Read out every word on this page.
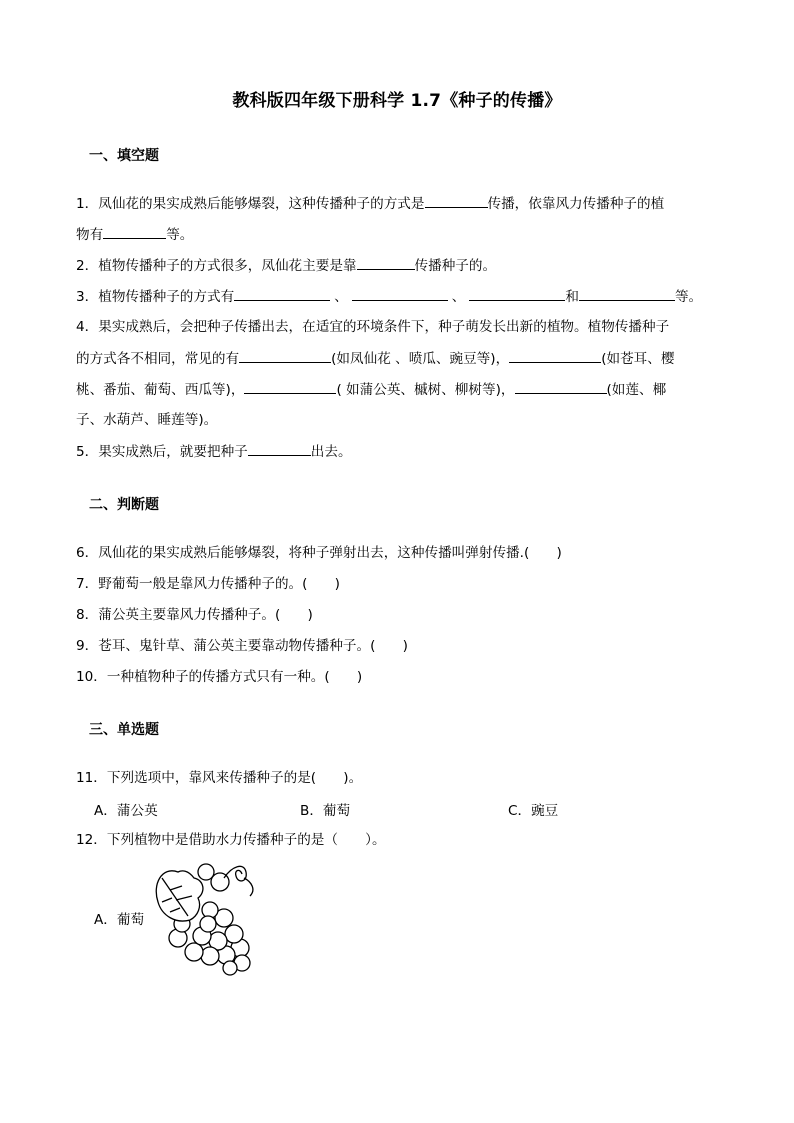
教科版四年级下册科学 1.7《种子的传播》
一、填空题
1．凤仙花的果实成熟后能够爆裂，这种传播种子的方式是	传播，依靠风力传播种子的植
物有	等。
2．植物传播种子的方式很多，凤仙花主要是靠	传播种子的。
3．植物传播种子的方式有	、	、	和	等。
4．果实成熟后，会把种子传播出去，在适宜的环境条件下，种子萌发长出新的植物。植物传播种子
的方式各不相同，常见的有	(如凤仙花 、喷瓜、豌豆等)，	(如苍耳、樱
桃、番茄、葡萄、西瓜等)，	( 如蒲公英、槭树、柳树等)，	(如莲、椰
子、水葫芦、睡莲等)。
5．果实成熟后，就要把种子	出去。
二、判断题
6．凤仙花的果实成熟后能够爆裂，将种子弹射出去，这种传播叫弹射传播.(　　)
7．野葡萄一般是靠风力传播种子的。(　　)
8．蒲公英主要靠风力传播种子。(　　)
9．苍耳、鬼针草、蒲公英主要靠动物传播种子。(　　)
10．一种植物种子的传播方式只有一种。(　　)
三、单选题
11．下列选项中，靠风来传播种子的是(　　)。
A．蒲公英	B．葡萄	C．豌豆
12．下列植物中是借助水力传播种子的是（　　）。
A．葡萄
